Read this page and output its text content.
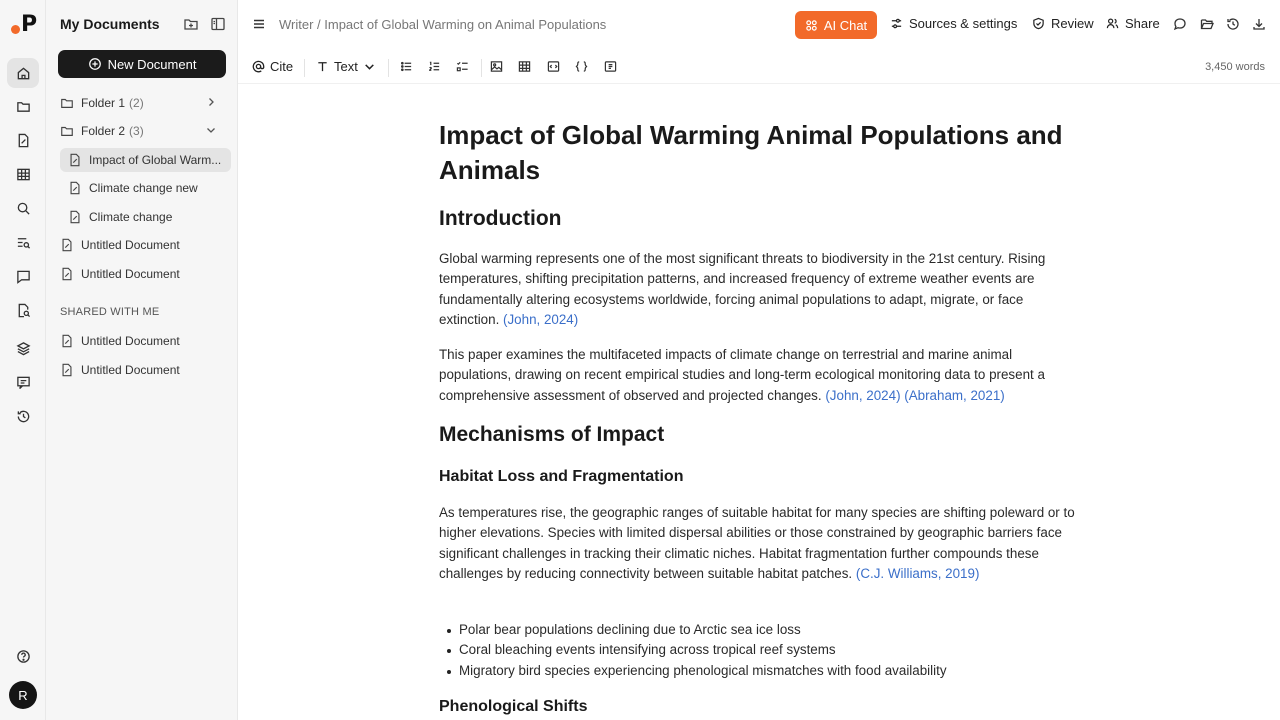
P
R
My Documents
New Document
Folder 1 (2)
Folder 2 (3)
Impact of Global Warm...
Climate change new
Climate change
Untitled Document
Untitled Document
SHARED WITH ME
Untitled Document
Untitled Document
Writer / Impact of Global Warming on Animal Populations	AI Chat	Sources & settings	Review Share
Cite	Text	3,450 words
Impact of Global Warming Animal Populations and Animals
Introduction

Global warming represents one of the most significant threats to biodiversity in the 21st century. Rising temperatures, shifting precipitation patterns, and increased frequency of extreme weather events are fundamentally altering ecosystems worldwide, forcing animal populations to adapt, migrate, or face extinction. (John, 2024)

This paper examines the multifaceted impacts of climate change on terrestrial and marine animal populations, drawing on recent empirical studies and long-term ecological monitoring data to present a comprehensive assessment of observed and projected changes. (John, 2024) (Abraham, 2021)

Mechanisms of Impact
Habitat Loss and Fragmentation

As temperatures rise, the geographic ranges of suitable habitat for many species are shifting poleward or to higher elevations. Species with limited dispersal abilities or those constrained by geographic barriers face significant challenges in tracking their climatic niches. Habitat fragmentation further compounds these challenges by reducing connectivity between suitable habitat patches. (C.J. Williams, 2019)

Polar bear populations declining due to Arctic sea ice loss
Coral bleaching events intensifying across tropical reef systems
Migratory bird species experiencing phenological mismatches with food availability
Phenological Shifts
